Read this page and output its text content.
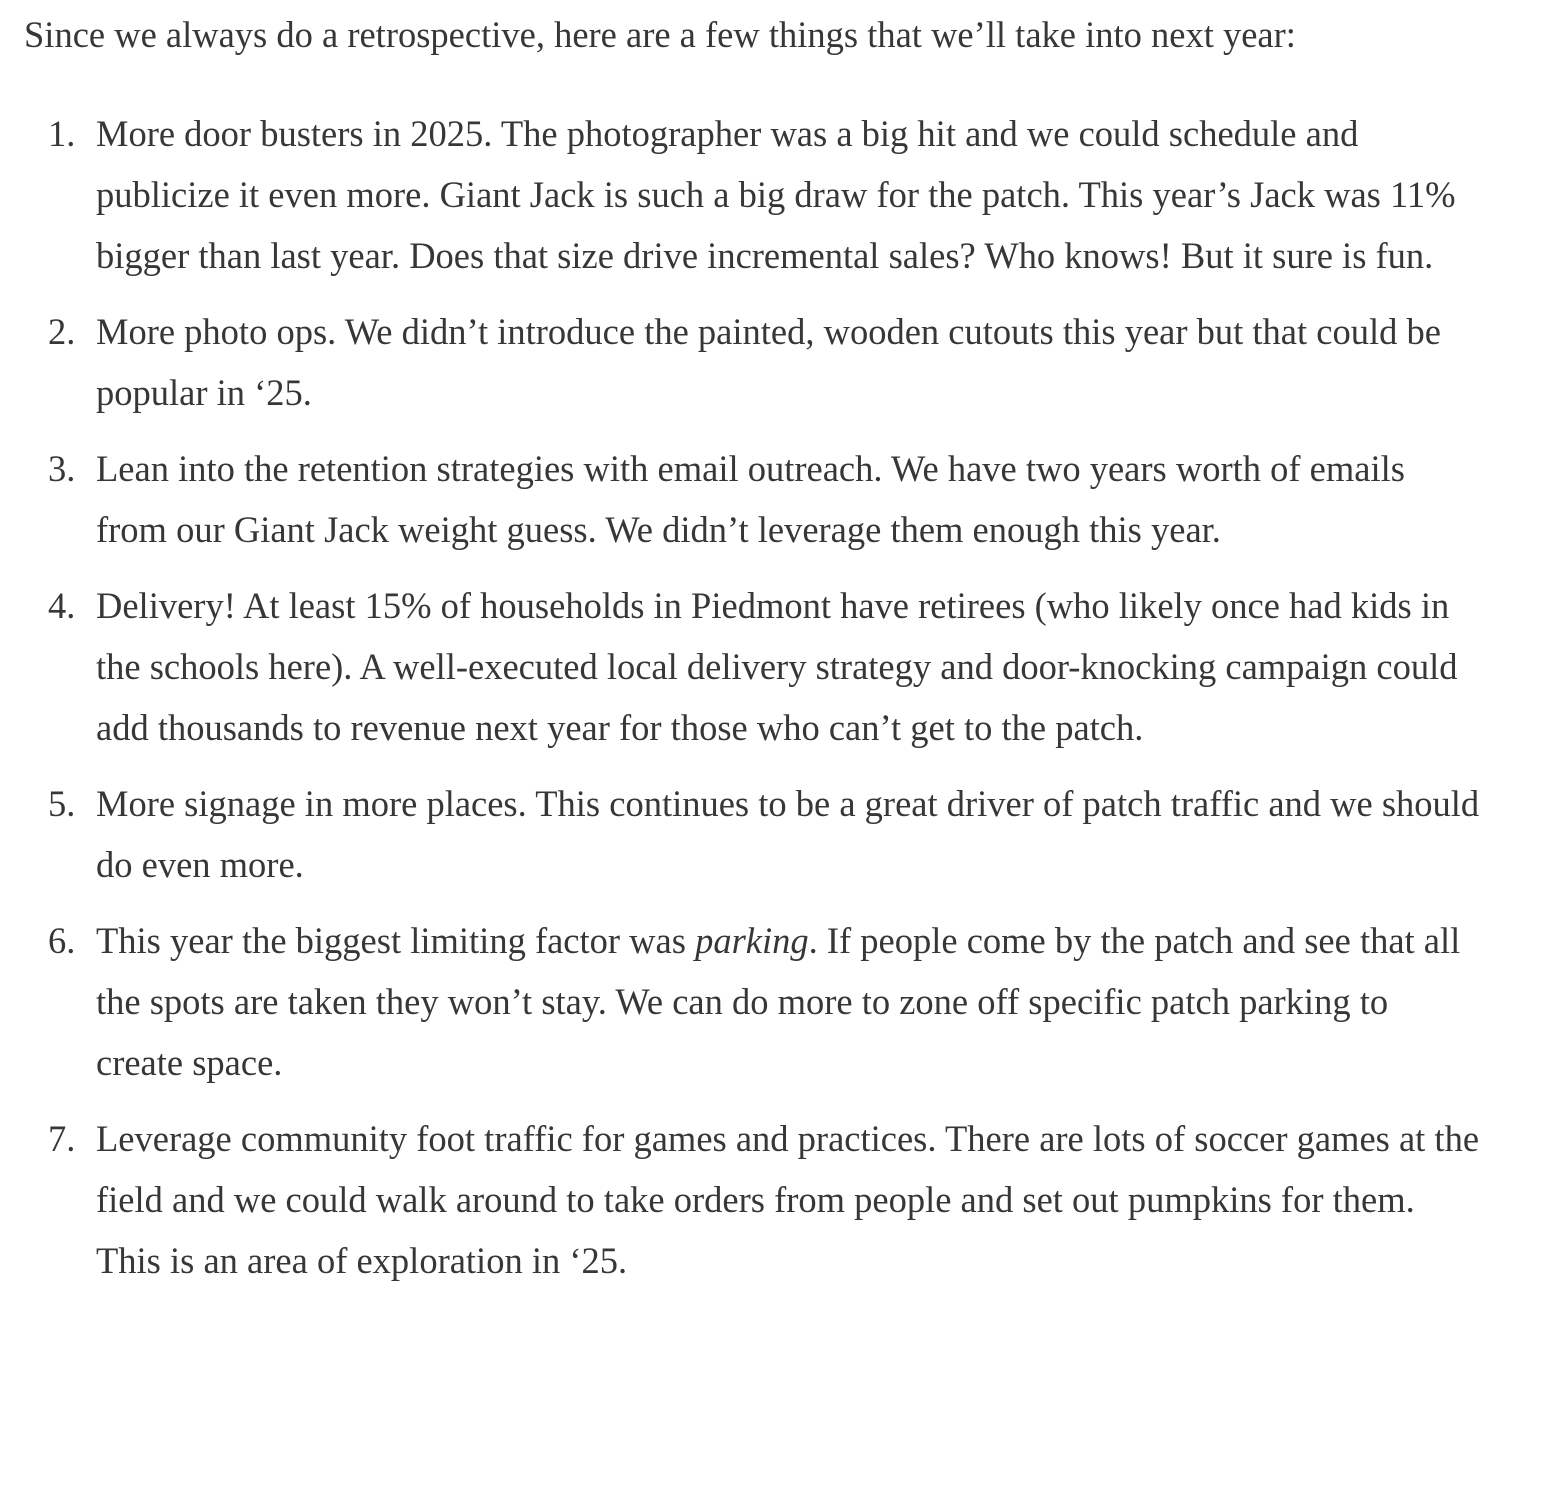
Since we always do a retrospective, here are a few things that we’ll take into next year:

1. More door busters in 2025. The photographer was a big hit and we could schedule and publicize it even more. Giant Jack is such a big draw for the patch. This year’s Jack was 11% bigger than last year. Does that size drive incremental sales? Who knows! But it sure is fun.
2. More photo ops. We didn’t introduce the painted, wooden cutouts this year but that could be popular in ‘25.
3. Lean into the retention strategies with email outreach. We have two years worth of emails from our Giant Jack weight guess. We didn’t leverage them enough this year.
4. Delivery! At least 15% of households in Piedmont have retirees (who likely once had kids in the schools here). A well-executed local delivery strategy and door-knocking campaign could add thousands to revenue next year for those who can’t get to the patch.
5. More signage in more places. This continues to be a great driver of patch traffic and we should do even more.
6. This year the biggest limiting factor was parking. If people come by the patch and see that all the spots are taken they won’t stay. We can do more to zone off specific patch parking to create space.
7. Leverage community foot traffic for games and practices. There are lots of soccer games at the field and we could walk around to take orders from people and set out pumpkins for them. This is an area of exploration in ‘25.
